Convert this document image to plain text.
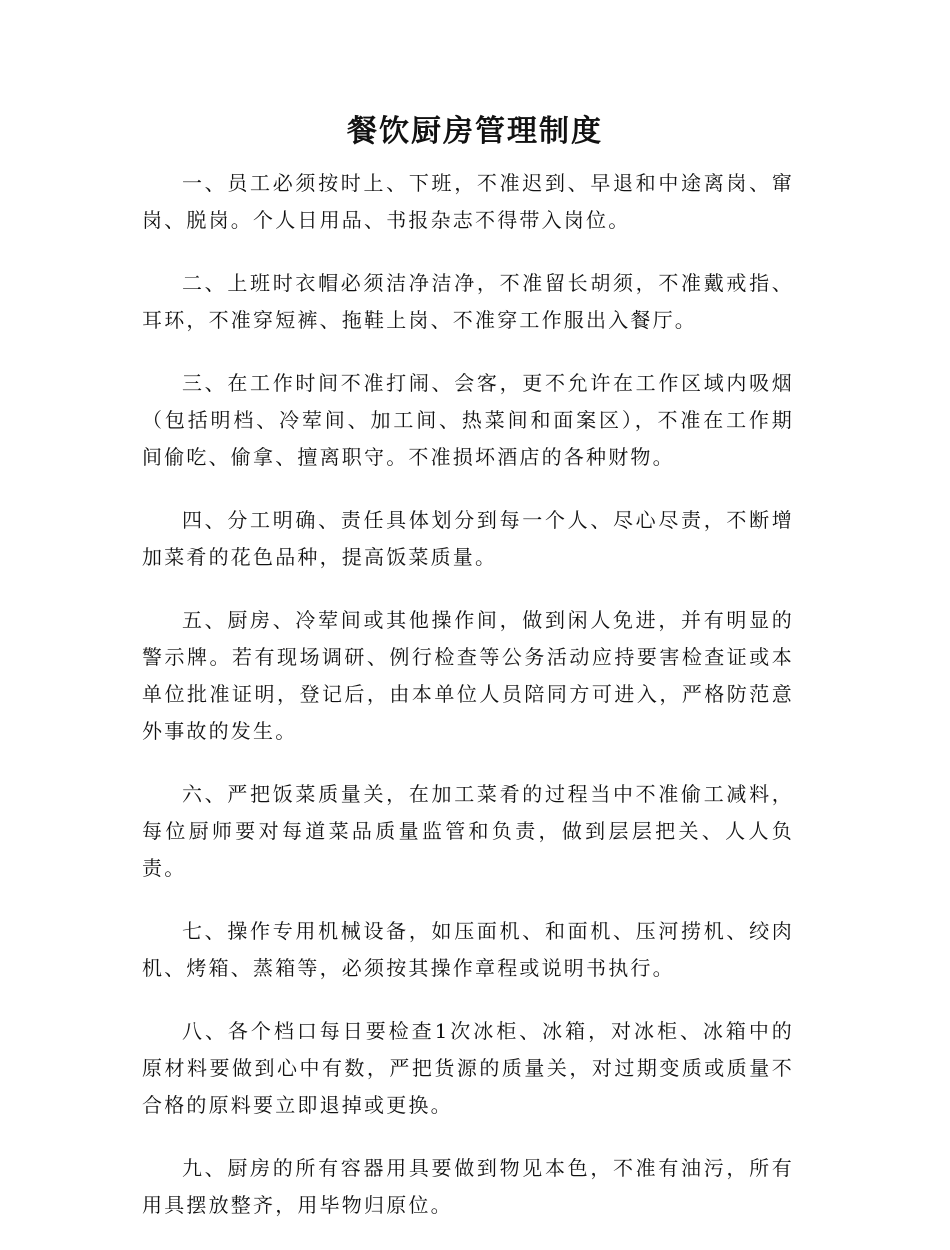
餐饮厨房管理制度

一、员工必须按时上、下班，不准迟到、早退和中途离岗、窜岗、脱岗。个人日用品、书报杂志不得带入岗位。

二、上班时衣帽必须洁净洁净，不准留长胡须，不准戴戒指、耳环，不准穿短裤、拖鞋上岗、不准穿工作服出入餐厅。

三、在工作时间不准打闹、会客，更不允许在工作区域内吸烟（包括明档、冷荤间、加工间、热菜间和面案区），不准在工作期间偷吃、偷拿、擅离职守。不准损坏酒店的各种财物。

四、分工明确、责任具体划分到每一个人、尽心尽责，不断增加菜肴的花色品种，提高饭菜质量。

五、厨房、冷荤间或其他操作间，做到闲人免进，并有明显的警示牌。若有现场调研、例行检查等公务活动应持要害检查证或本单位批准证明，登记后，由本单位人员陪同方可进入，严格防范意外事故的发生。

六、严把饭菜质量关，在加工菜肴的过程当中不准偷工减料，每位厨师要对每道菜品质量监管和负责，做到层层把关、人人负责。

七、操作专用机械设备，如压面机、和面机、压河捞机、绞肉机、烤箱、蒸箱等，必须按其操作章程或说明书执行。

八、各个档口每日要检查1次冰柜、冰箱，对冰柜、冰箱中的原材料要做到心中有数，严把货源的质量关，对过期变质或质量不合格的原料要立即退掉或更换。

九、厨房的所有容器用具要做到物见本色，不准有油污，所有用具摆放整齐，用毕物归原位。
